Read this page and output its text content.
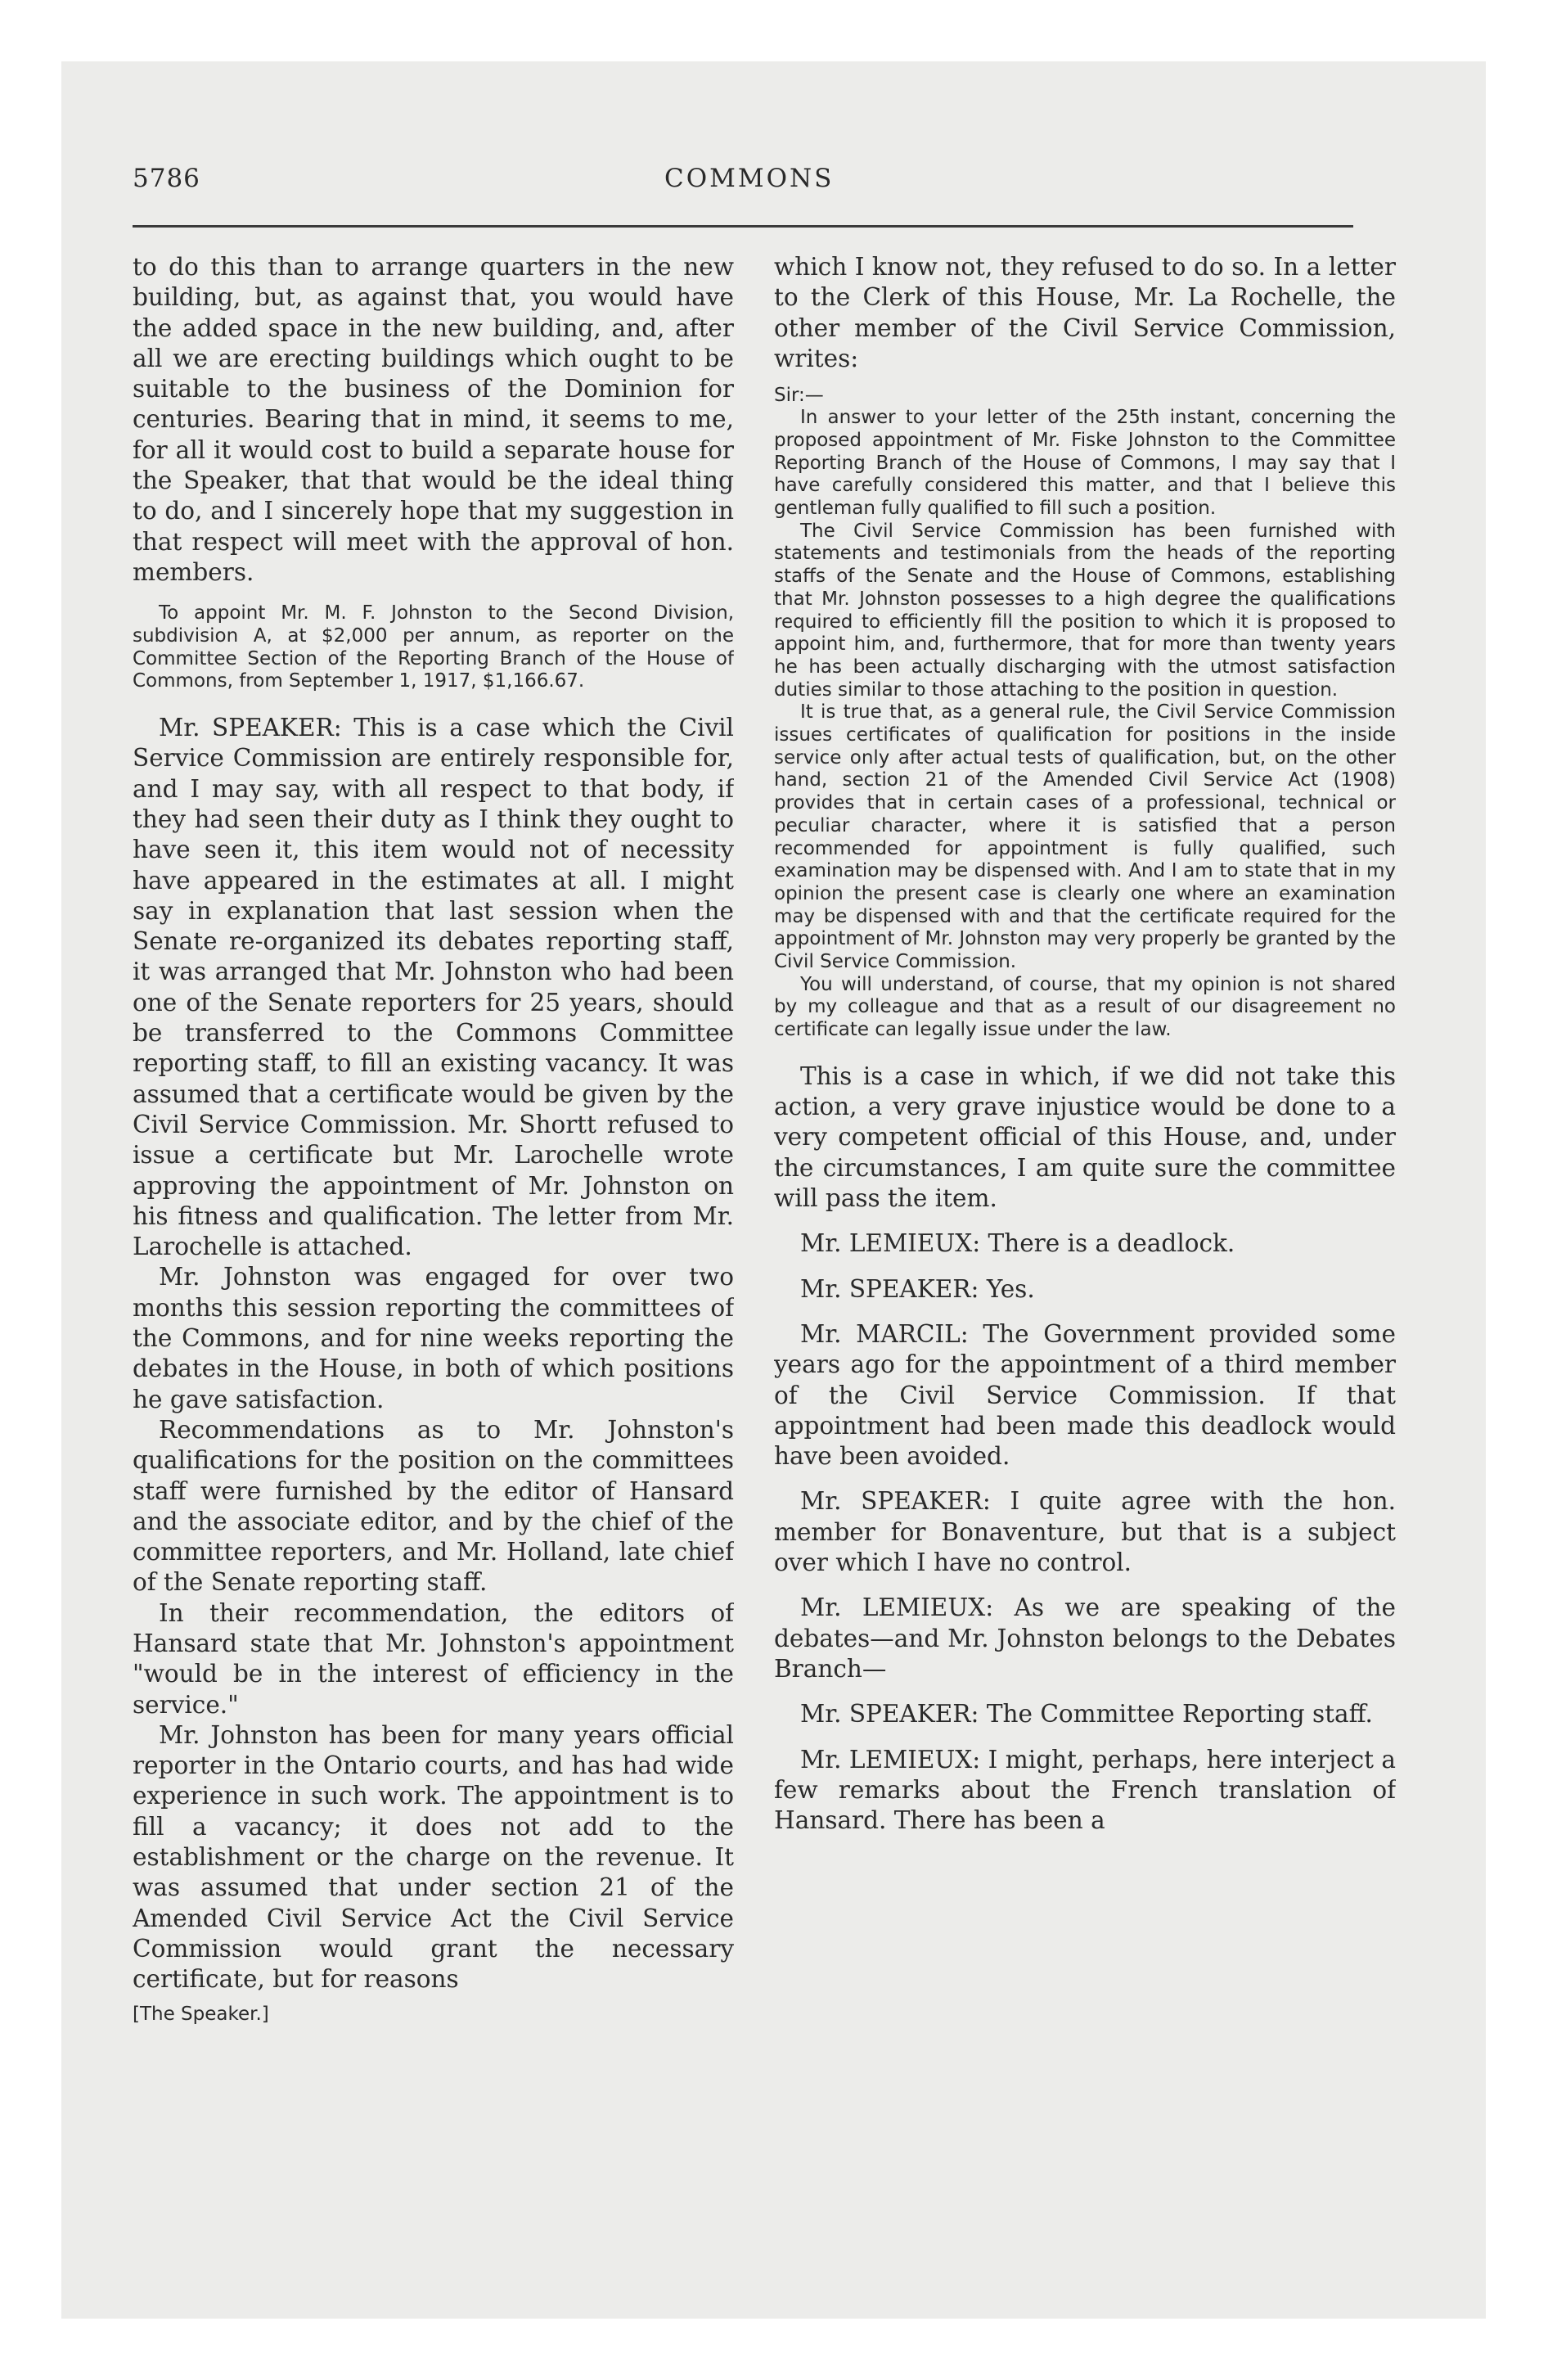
5786	COMMONS

to do this than to arrange quarters in the new building, but, as against that, you would have the added space in the new building, and, after all we are erecting buildings which ought to be suitable to the business of the Dominion for centuries. Bearing that in mind, it seems to me, for all it would cost to build a separate house for the Speaker, that that would be the ideal thing to do, and I sincerely hope that my suggestion in that respect will meet with the approval of hon. members.

To appoint Mr. M. F. Johnston to the Second Division, subdivision A, at $2,000 per annum, as reporter on the Committee Section of the Reporting Branch of the House of Commons, from September 1, 1917, $1,166.67.

Mr. SPEAKER: This is a case which the Civil Service Commission are entirely responsible for, and I may say, with all respect to that body, if they had seen their duty as I think they ought to have seen it, this item would not of necessity have appeared in the estimates at all. I might say in explanation that last session when the Senate re-organized its debates reporting staff, it was arranged that Mr. Johnston who had been one of the Senate reporters for 25 years, should be transferred to the Commons Committee reporting staff, to fill an existing vacancy. It was assumed that a certificate would be given by the Civil Service Commission. Mr. Shortt refused to issue a certificate but Mr. Larochelle wrote approving the appointment of Mr. Johnston on his fitness and qualification. The letter from Mr. Larochelle is attached.

Mr. Johnston was engaged for over two months this session reporting the committees of the Commons, and for nine weeks reporting the debates in the House, in both of which positions he gave satisfaction.

Recommendations as to Mr. Johnston's qualifications for the position on the committees staff were furnished by the editor of Hansard and the associate editor, and by the chief of the committee reporters, and Mr. Holland, late chief of the Senate reporting staff.

In their recommendation, the editors of Hansard state that Mr. Johnston's appointment "would be in the interest of efficiency in the service."

Mr. Johnston has been for many years official reporter in the Ontario courts, and has had wide experience in such work. The appointment is to fill a vacancy; it does not add to the establishment or the charge on the revenue. It was assumed that under section 21 of the Amended Civil Service Act the Civil Service Commission would grant the necessary certificate, but for reasons

[The Speaker.]

which I know not, they refused to do so. In a letter to the Clerk of this House, Mr. La Rochelle, the other member of the Civil Service Commission, writes:

Sir:—

In answer to your letter of the 25th instant, concerning the proposed appointment of Mr. Fiske Johnston to the Committee Reporting Branch of the House of Commons, I may say that I have carefully considered this matter, and that I believe this gentleman fully qualified to fill such a position.

The Civil Service Commission has been furnished with statements and testimonials from the heads of the reporting staffs of the Senate and the House of Commons, establishing that Mr. Johnston possesses to a high degree the qualifications required to efficiently fill the position to which it is proposed to appoint him, and, furthermore, that for more than twenty years he has been actually discharging with the utmost satisfaction duties similar to those attaching to the position in question.

It is true that, as a general rule, the Civil Service Commission issues certificates of qualification for positions in the inside service only after actual tests of qualification, but, on the other hand, section 21 of the Amended Civil Service Act (1908) provides that in certain cases of a professional, technical or peculiar character, where it is satisfied that a person recommended for appointment is fully qualified, such examination may be dispensed with. And I am to state that in my opinion the present case is clearly one where an examination may be dispensed with and that the certificate required for the appointment of Mr. Johnston may very properly be granted by the Civil Service Commission.

You will understand, of course, that my opinion is not shared by my colleague and that as a result of our disagreement no certificate can legally issue under the law.

This is a case in which, if we did not take this action, a very grave injustice would be done to a very competent official of this House, and, under the circumstances, I am quite sure the committee will pass the item.

Mr. LEMIEUX: There is a deadlock.

Mr. SPEAKER: Yes.

Mr. MARCIL: The Government provided some years ago for the appointment of a third member of the Civil Service Commission. If that appointment had been made this deadlock would have been avoided.

Mr. SPEAKER: I quite agree with the hon. member for Bonaventure, but that is a subject over which I have no control.

Mr. LEMIEUX: As we are speaking of the debates—and Mr. Johnston belongs to the Debates Branch—

Mr. SPEAKER: The Committee Reporting staff.

Mr. LEMIEUX: I might, perhaps, here interject a few remarks about the French translation of Hansard. There has been a
